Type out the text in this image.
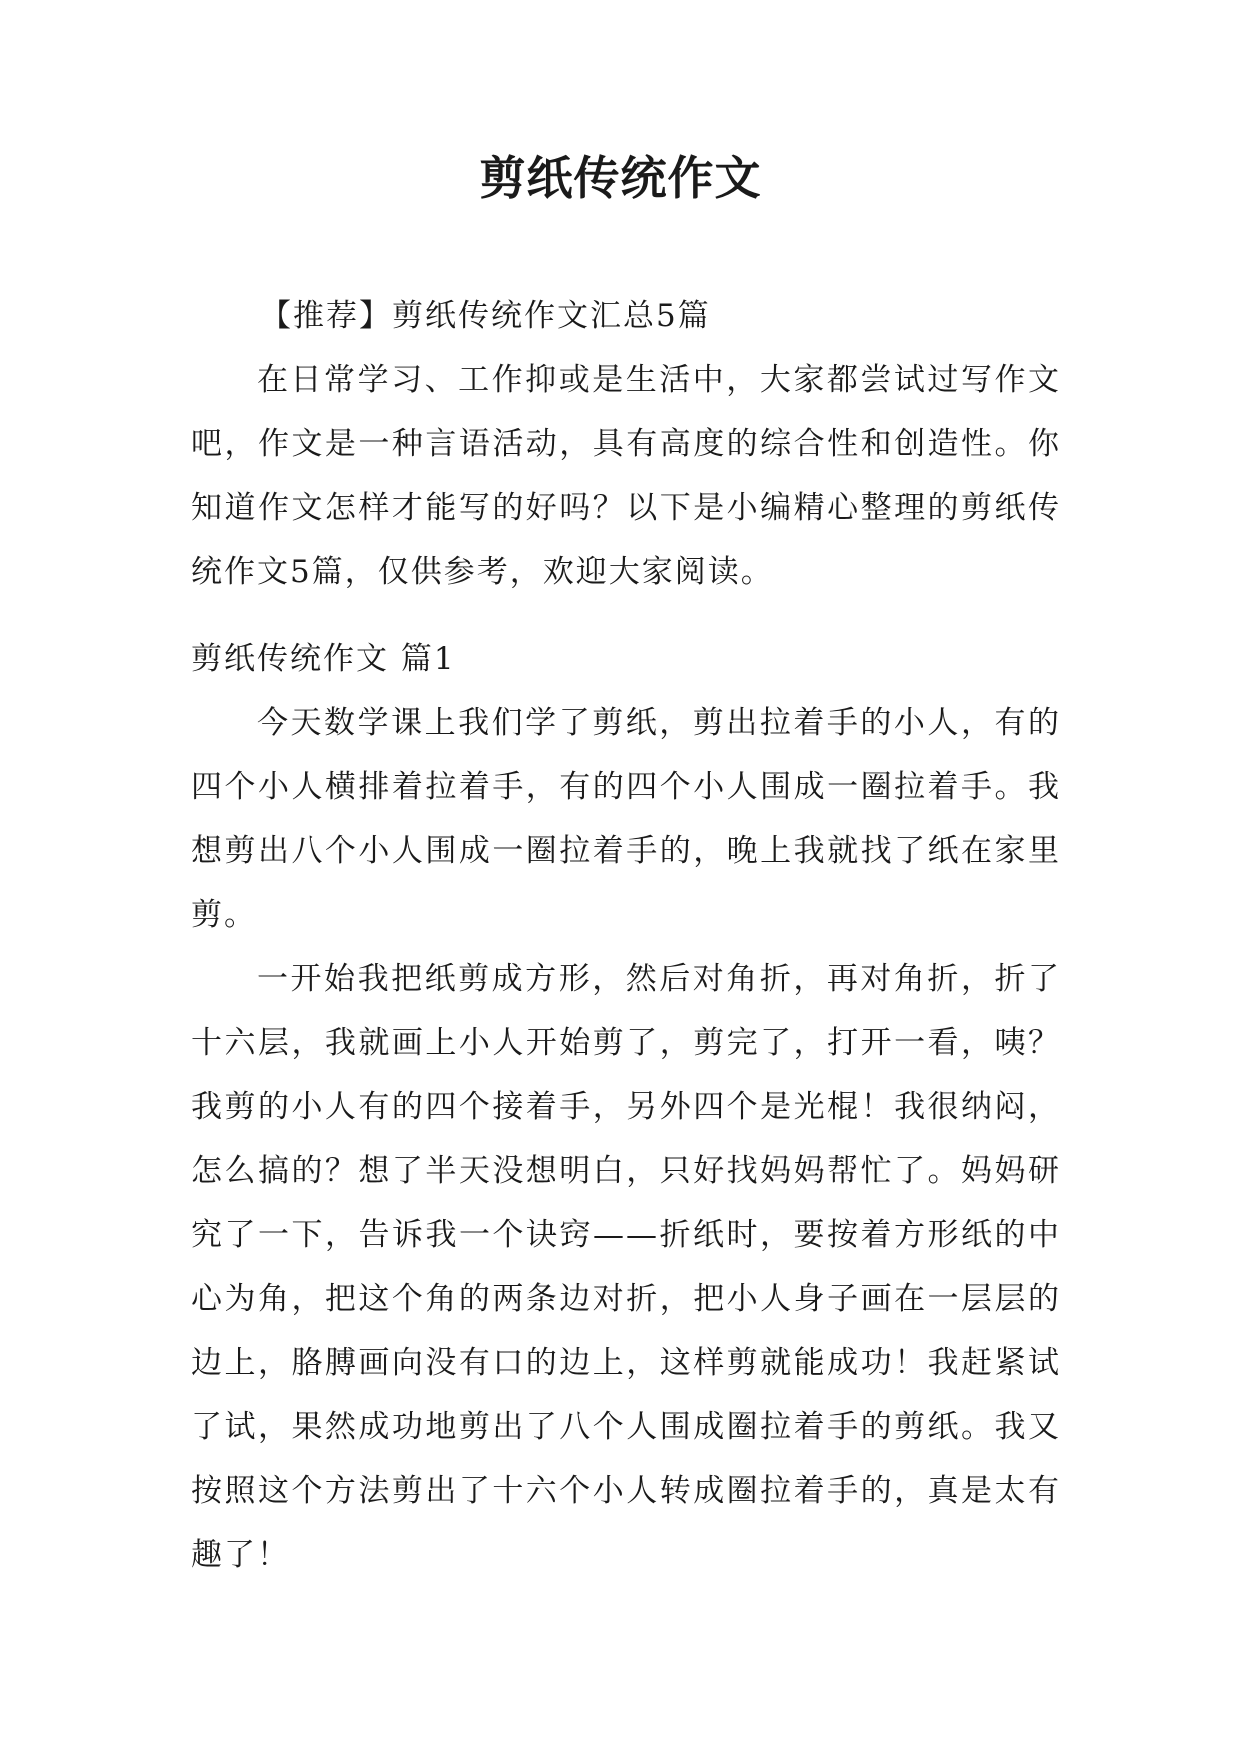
剪纸传统作文

【推荐】剪纸传统作文汇总5篇

在日常学习、工作抑或是生活中，大家都尝试过写作文吧，作文是一种言语活动，具有高度的综合性和创造性。你知道作文怎样才能写的好吗？以下是小编精心整理的剪纸传统作文5篇，仅供参考，欢迎大家阅读。

剪纸传统作文 篇1

今天数学课上我们学了剪纸，剪出拉着手的小人，有的四个小人横排着拉着手，有的四个小人围成一圈拉着手。我想剪出八个小人围成一圈拉着手的，晚上我就找了纸在家里剪。

一开始我把纸剪成方形，然后对角折，再对角折，折了十六层，我就画上小人开始剪了，剪完了，打开一看，咦？我剪的小人有的四个接着手，另外四个是光棍！我很纳闷，怎么搞的？想了半天没想明白，只好找妈妈帮忙了。妈妈研究了一下，告诉我一个诀窍——折纸时，要按着方形纸的中心为角，把这个角的两条边对折，把小人身子画在一层层的边上，胳膊画向没有口的边上，这样剪就能成功！我赶紧试了试，果然成功地剪出了八个人围成圈拉着手的剪纸。我又按照这个方法剪出了十六个小人转成圈拉着手的，真是太有趣了！
